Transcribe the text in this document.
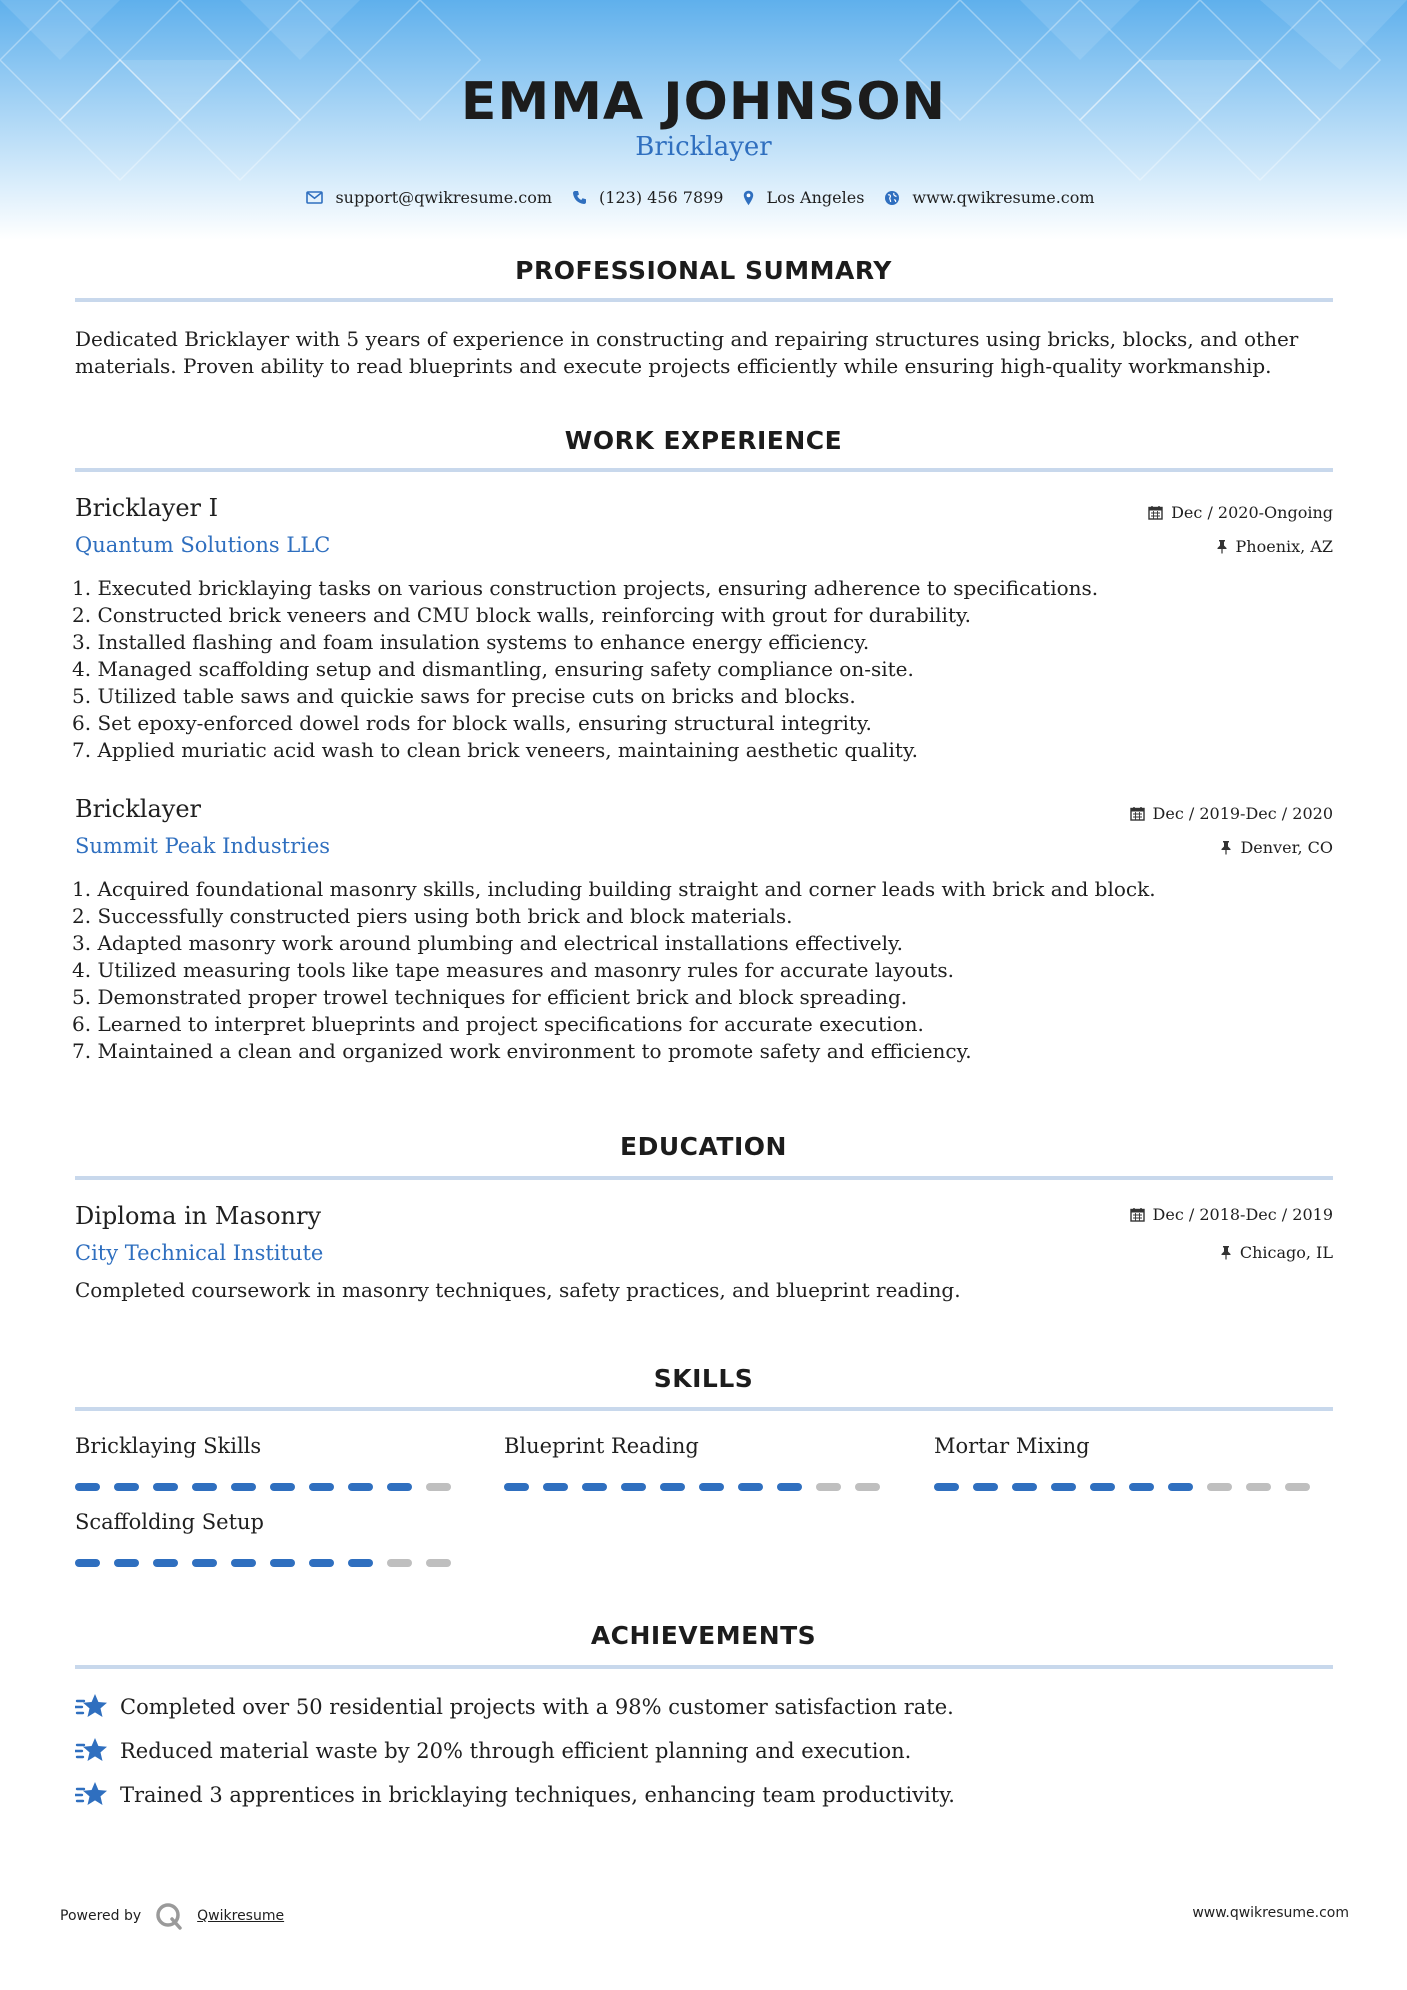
EMMA JOHNSON
Bricklayer
support@qwikresume.com	(123) 456 7899	Los Angeles	www.qwikresume.com
PROFESSIONAL SUMMARY
Dedicated Bricklayer with 5 years of experience in constructing and repairing structures using bricks, blocks, and other materials. Proven ability to read blueprints and execute projects efficiently while ensuring high-quality workmanship.
WORK EXPERIENCE
Bricklayer I
Quantum Solutions LLC
Dec / 2020-Ongoing
Phoenix, AZ
1. Executed bricklaying tasks on various construction projects, ensuring adherence to specifications.
2. Constructed brick veneers and CMU block walls, reinforcing with grout for durability.
3. Installed flashing and foam insulation systems to enhance energy efficiency.
4. Managed scaffolding setup and dismantling, ensuring safety compliance on-site.
5. Utilized table saws and quickie saws for precise cuts on bricks and blocks.
6. Set epoxy-enforced dowel rods for block walls, ensuring structural integrity.
7. Applied muriatic acid wash to clean brick veneers, maintaining aesthetic quality.
Bricklayer
Summit Peak Industries
Dec / 2019-Dec / 2020
Denver, CO
1. Acquired foundational masonry skills, including building straight and corner leads with brick and block.
2. Successfully constructed piers using both brick and block materials.
3. Adapted masonry work around plumbing and electrical installations effectively.
4. Utilized measuring tools like tape measures and masonry rules for accurate layouts.
5. Demonstrated proper trowel techniques for efficient brick and block spreading.
6. Learned to interpret blueprints and project specifications for accurate execution.
7. Maintained a clean and organized work environment to promote safety and efficiency.
EDUCATION
Diploma in Masonry
City Technical Institute
Dec / 2018-Dec / 2019
Chicago, IL
Completed coursework in masonry techniques, safety practices, and blueprint reading.
SKILLS
Bricklaying Skills	Blueprint Reading	Mortar Mixing
Scaffolding Setup
ACHIEVEMENTS
Completed over 50 residential projects with a 98% customer satisfaction rate.
Reduced material waste by 20% through efficient planning and execution.
Trained 3 apprentices in bricklaying techniques, enhancing team productivity.
Powered by	Qwikresume	www.qwikresume.com
